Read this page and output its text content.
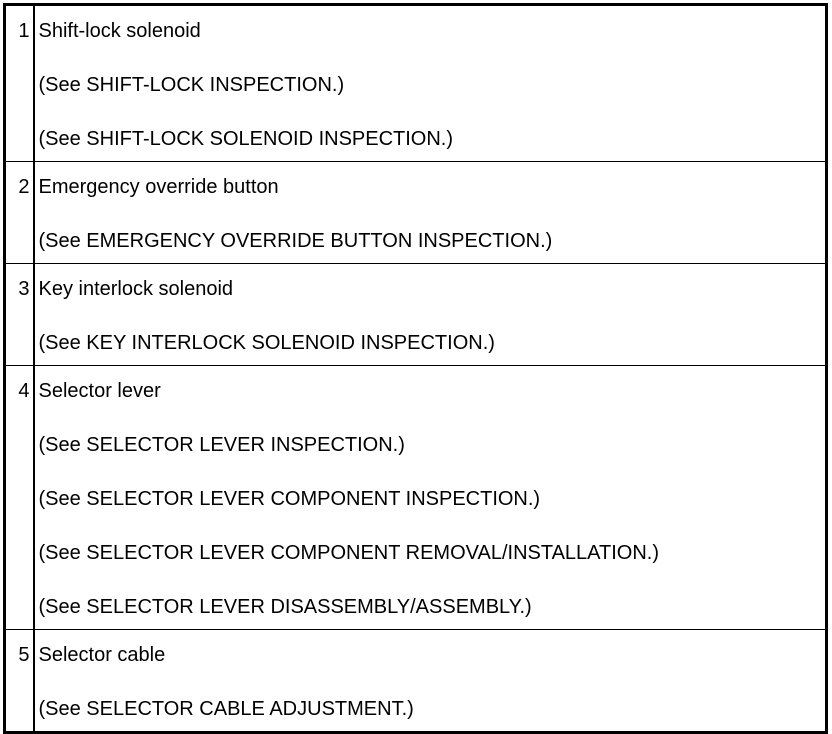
1	Shift-lock solenoid
(See SHIFT-LOCK INSPECTION.)
(See SHIFT-LOCK SOLENOID INSPECTION.)

2	Emergency override button
(See EMERGENCY OVERRIDE BUTTON INSPECTION.)

3	Key interlock solenoid
(See KEY INTERLOCK SOLENOID INSPECTION.)

4	Selector lever
(See SELECTOR LEVER INSPECTION.)
(See SELECTOR LEVER COMPONENT INSPECTION.)
(See SELECTOR LEVER COMPONENT REMOVAL/INSTALLATION.)
(See SELECTOR LEVER DISASSEMBLY/ASSEMBLY.)

5	Selector cable
(See SELECTOR CABLE ADJUSTMENT.)
